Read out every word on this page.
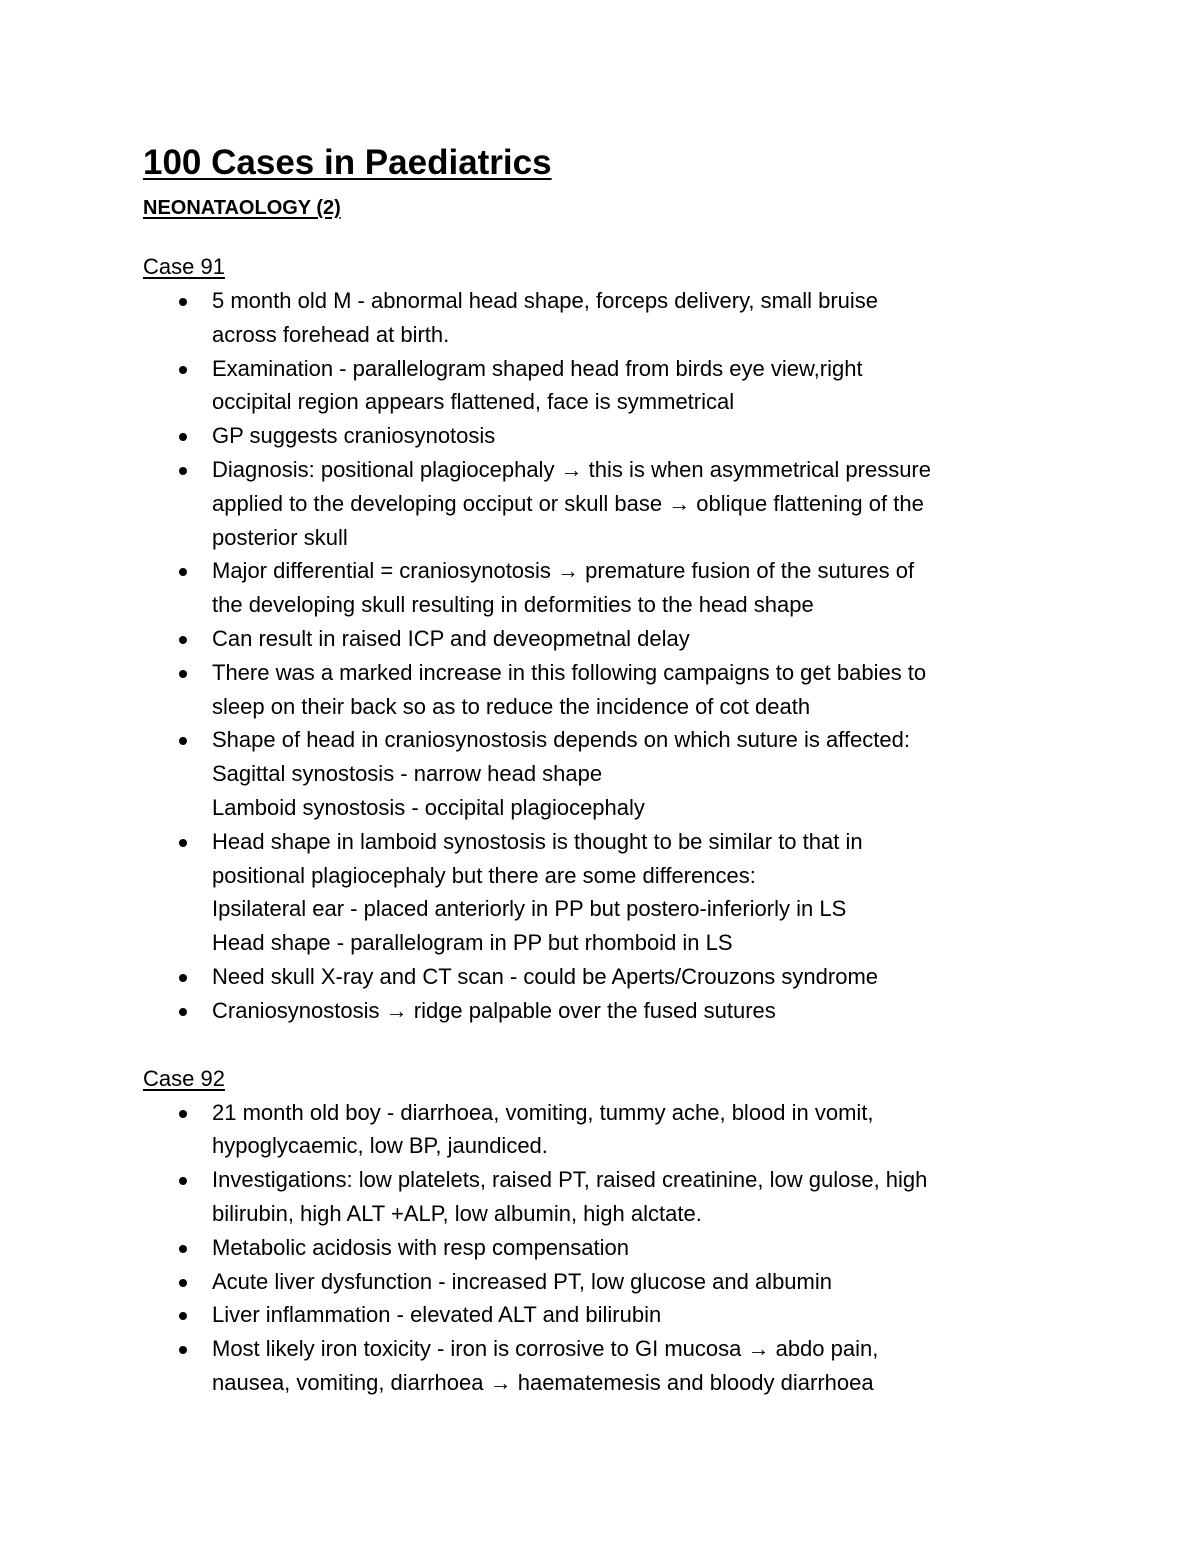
100 Cases in Paediatrics
NEONATAOLOGY (2)
Case 91
5 month old M - abnormal head shape, forceps delivery, small bruise
across forehead at birth.
Examination - parallelogram shaped head from birds eye view,right
occipital region appears flattened, face is symmetrical
GP suggests craniosynotosis
Diagnosis: positional plagiocephaly → this is when asymmetrical pressure
applied to the developing occiput or skull base → oblique flattening of the
posterior skull
Major differential = craniosynotosis → premature fusion of the sutures of
the developing skull resulting in deformities to the head shape
Can result in raised ICP and deveopmetnal delay
There was a marked increase in this following campaigns to get babies to
sleep on their back so as to reduce the incidence of cot death
Shape of head in craniosynostosis depends on which suture is affected:
Sagittal synostosis - narrow head shape
Lamboid synostosis - occipital plagiocephaly
Head shape in lamboid synostosis is thought to be similar to that in
positional plagiocephaly but there are some differences:
Ipsilateral ear - placed anteriorly in PP but postero-inferiorly in LS
Head shape - parallelogram in PP but rhomboid in LS
Need skull X-ray and CT scan - could be Aperts/Crouzons syndrome
Craniosynostosis → ridge palpable over the fused sutures
Case 92
21 month old boy - diarrhoea, vomiting, tummy ache, blood in vomit,
hypoglycaemic, low BP, jaundiced.
Investigations: low platelets, raised PT, raised creatinine, low gulose, high
bilirubin, high ALT +ALP, low albumin, high alctate.
Metabolic acidosis with resp compensation
Acute liver dysfunction - increased PT, low glucose and albumin
Liver inflammation - elevated ALT and bilirubin
Most likely iron toxicity - iron is corrosive to GI mucosa → abdo pain,
nausea, vomiting, diarrhoea → haematemesis and bloody diarrhoea
